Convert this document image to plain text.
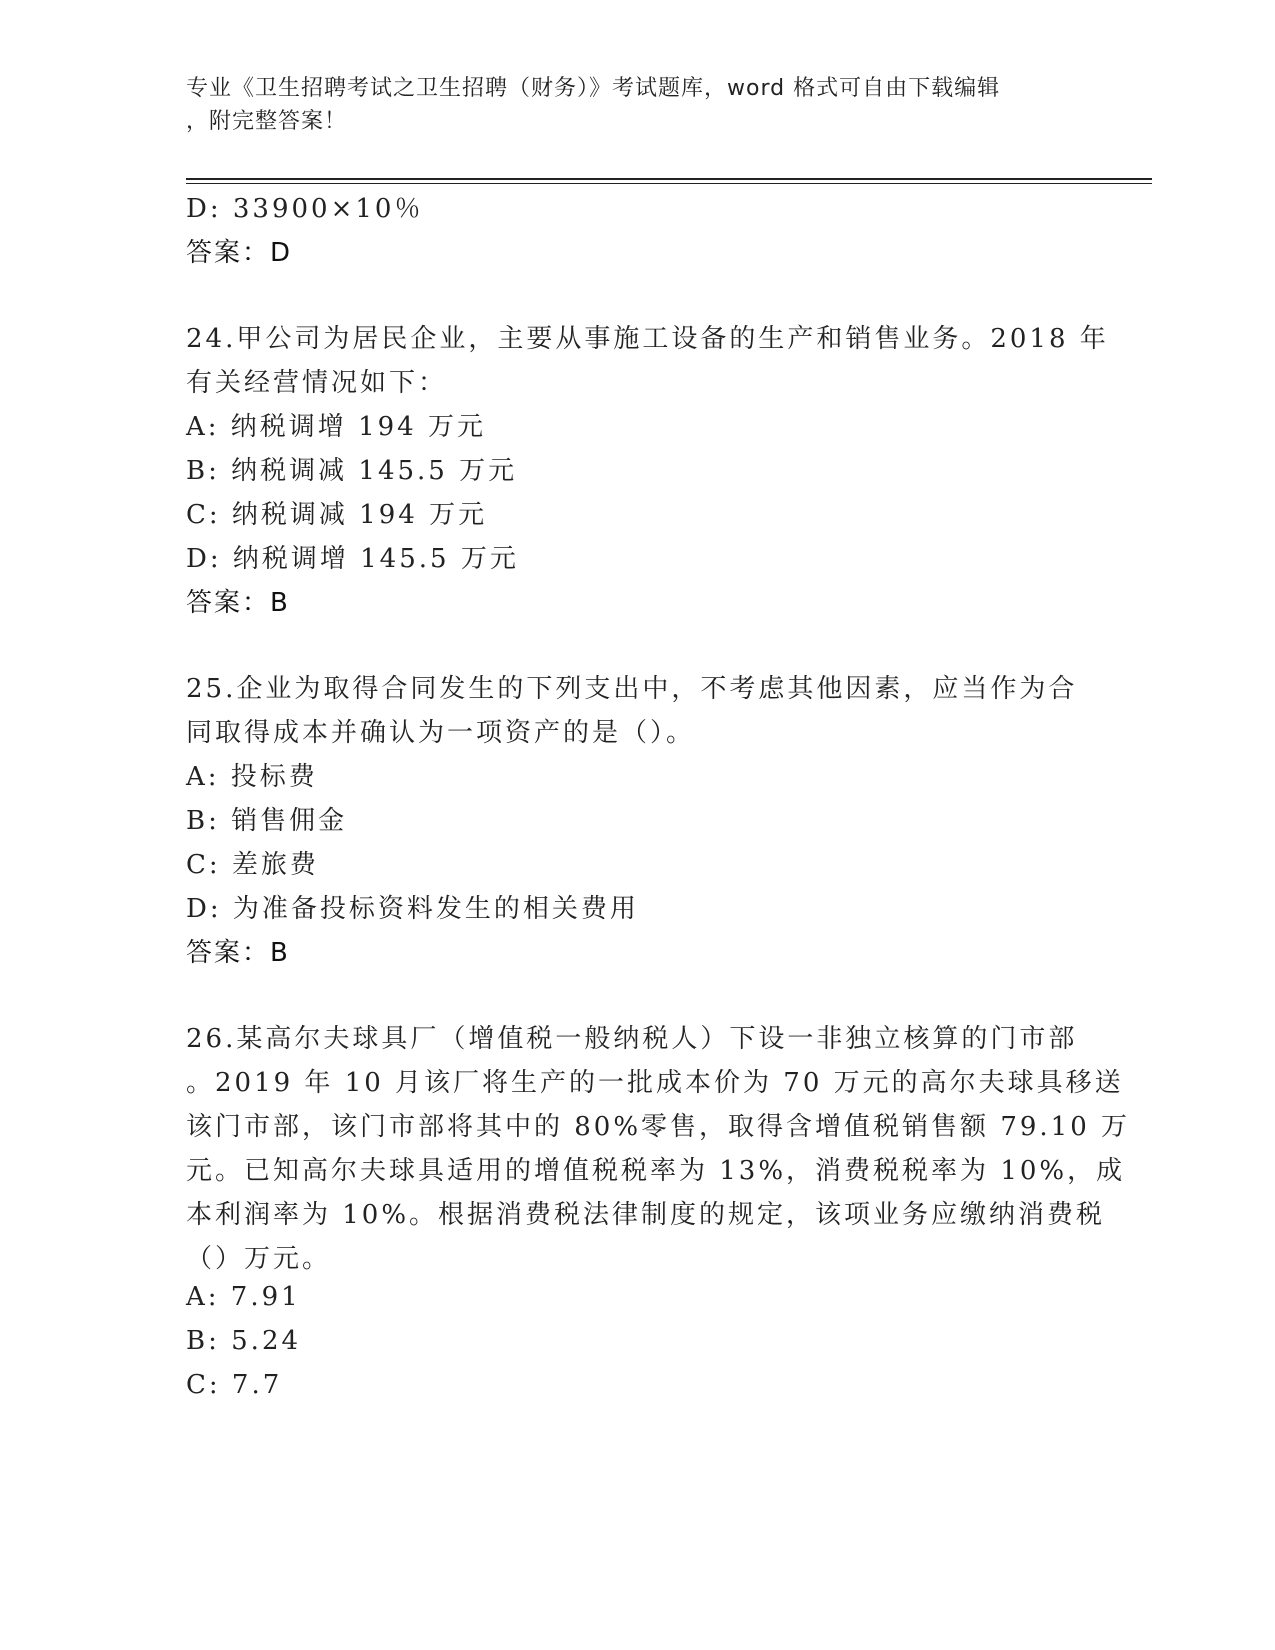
专业《卫生招聘考试之卫生招聘（财务）》考试题库，word 格式可自由下载编辑
，附完整答案！
D: 33900×10％
答案：D
24.甲公司为居民企业，主要从事施工设备的生产和销售业务。2018 年
有关经营情况如下：
A: 纳税调增 194 万元
B: 纳税调减 145.5 万元
C: 纳税调减 194 万元
D: 纳税调增 145.5 万元
答案：B
25.企业为取得合同发生的下列支出中，不考虑其他因素，应当作为合
同取得成本并确认为一项资产的是（）。
A: 投标费
B: 销售佣金
C: 差旅费
D: 为准备投标资料发生的相关费用
答案：B
26.某高尔夫球具厂（增值税一般纳税人）下设一非独立核算的门市部
。2019 年 10 月该厂将生产的一批成本价为 70 万元的高尔夫球具移送
该门市部，该门市部将其中的 80%零售，取得含增值税销售额 79.10 万
元。已知高尔夫球具适用的增值税税率为 13%，消费税税率为 10%，成
本利润率为 10%。根据消费税法律制度的规定，该项业务应缴纳消费税
（）万元。
A: 7.91
B: 5.24
C: 7.7
